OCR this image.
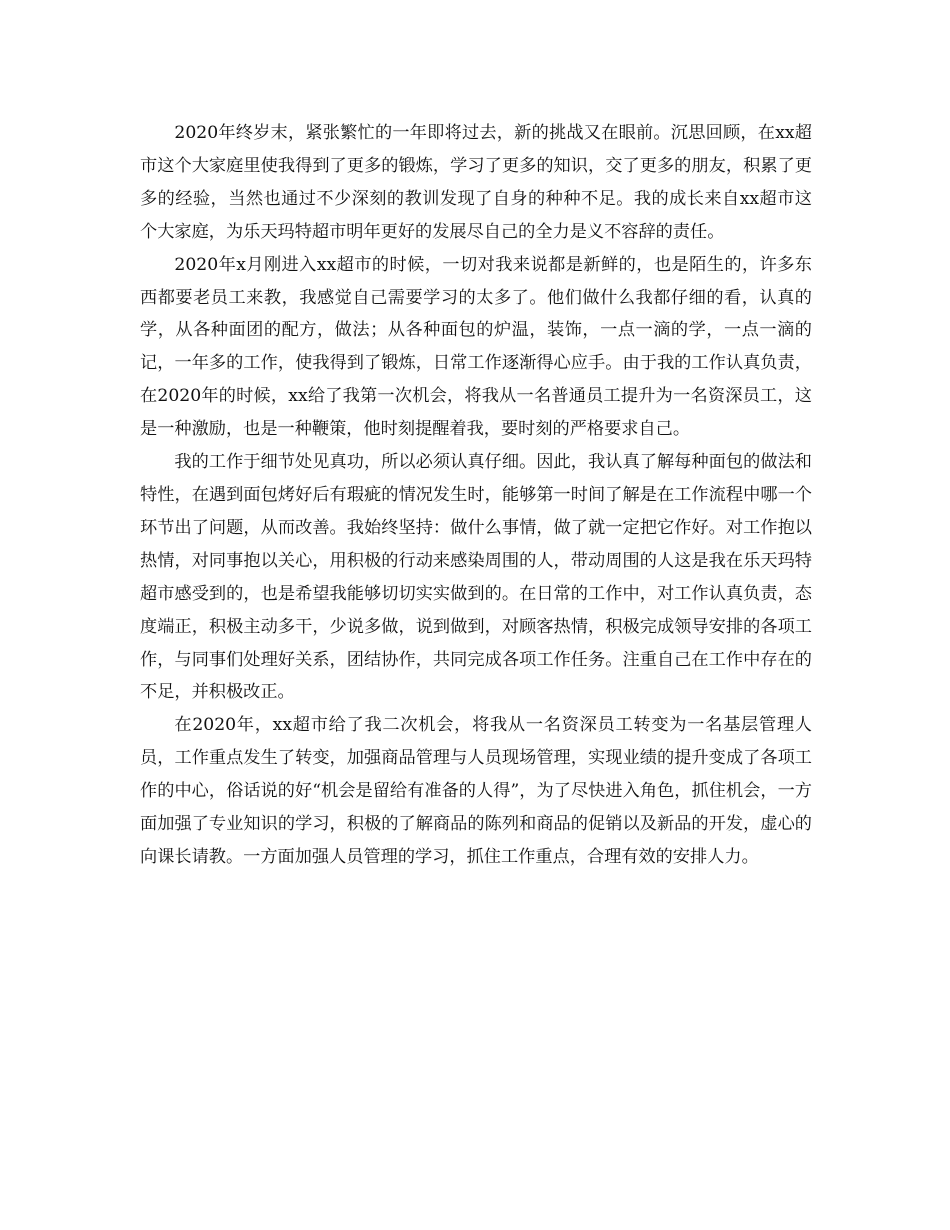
2020年终岁末，紧张繁忙的一年即将过去，新的挑战又在眼前。沉思回顾，在xx超市这个大家庭里使我得到了更多的锻炼，学习了更多的知识，交了更多的朋友，积累了更多的经验，当然也通过不少深刻的教训发现了自身的种种不足。我的成长来自xx超市这个大家庭，为乐天玛特超市明年更好的发展尽自己的全力是义不容辞的责任。

2020年x月刚进入xx超市的时候，一切对我来说都是新鲜的，也是陌生的，许多东西都要老员工来教，我感觉自己需要学习的太多了。他们做什么我都仔细的看，认真的学，从各种面团的配方，做法；从各种面包的炉温，装饰，一点一滴的学，一点一滴的记，一年多的工作，使我得到了锻炼，日常工作逐渐得心应手。由于我的工作认真负责，在2020年的时候，xx给了我第一次机会，将我从一名普通员工提升为一名资深员工，这是一种激励，也是一种鞭策，他时刻提醒着我，要时刻的严格要求自己。

我的工作于细节处见真功，所以必须认真仔细。因此，我认真了解每种面包的做法和特性，在遇到面包烤好后有瑕疵的情况发生时，能够第一时间了解是在工作流程中哪一个环节出了问题，从而改善。我始终坚持：做什么事情，做了就一定把它作好。对工作抱以热情，对同事抱以关心，用积极的行动来感染周围的人，带动周围的人这是我在乐天玛特超市感受到的，也是希望我能够切切实实做到的。在日常的工作中，对工作认真负责，态度端正，积极主动多干，少说多做，说到做到，对顾客热情，积极完成领导安排的各项工作，与同事们处理好关系，团结协作，共同完成各项工作任务。注重自己在工作中存在的不足，并积极改正。

在2020年，xx超市给了我二次机会，将我从一名资深员工转变为一名基层管理人员，工作重点发生了转变，加强商品管理与人员现场管理，实现业绩的提升变成了各项工作的中心，俗话说的好“机会是留给有准备的人得”，为了尽快进入角色，抓住机会，一方面加强了专业知识的学习，积极的了解商品的陈列和商品的促销以及新品的开发，虚心的向课长请教。一方面加强人员管理的学习，抓住工作重点，合理有效的安排人力。
